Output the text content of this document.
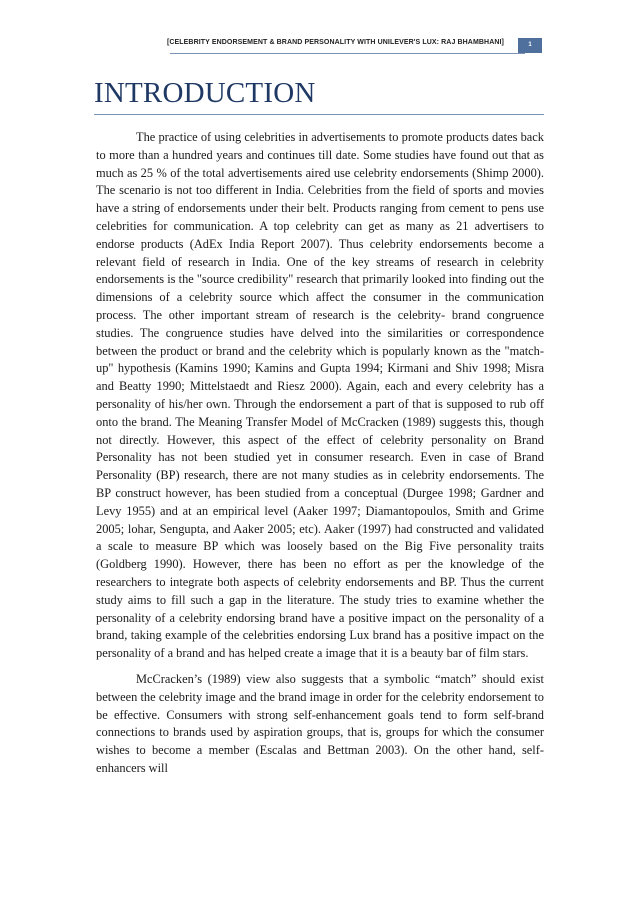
[CELEBRITY ENDORSEMENT & BRAND PERSONALITY WITH UNILEVER'S LUX: RAJ BHAMBHANI]	1
INTRODUCTION

The practice of using celebrities in advertisements to promote products dates back to more than a hundred years and continues till date. Some studies have found out that as much as 25 % of the total advertisements aired use celebrity endorsements (Shimp 2000). The scenario is not too different in India. Celebrities from the field of sports and movies have a string of endorsements under their belt. Products ranging from cement to pens use celebrities for communication. A top celebrity can get as many as 21 advertisers to endorse products (AdEx India Report 2007). Thus celebrity endorsements become a relevant field of research in India. One of the key streams of research in celebrity endorsements is the "source credibility" research that primarily looked into finding out the dimensions of a celebrity source which affect the consumer in the communication process. The other important stream of research is the celebrity- brand congruence studies. The congruence studies have delved into the similarities or correspondence between the product or brand and the celebrity which is popularly known as the "match-up" hypothesis (Kamins 1990; Kamins and Gupta 1994; Kirmani and Shiv 1998; Misra and Beatty 1990; Mittelstaedt and Riesz 2000). Again, each and every celebrity has a personality of his/her own. Through the endorsement a part of that is supposed to rub off onto the brand. The Meaning Transfer Model of McCracken (1989) suggests this, though not directly. However, this aspect of the effect of celebrity personality on Brand Personality has not been studied yet in consumer research. Even in case of Brand Personality (BP) research, there are not many studies as in celebrity endorsements. The BP construct however, has been studied from a conceptual (Durgee 1998; Gardner and Levy 1955) and at an empirical level (Aaker 1997; Diamantopoulos, Smith and Grime 2005; lohar, Sengupta, and Aaker 2005; etc). Aaker (1997) had constructed and validated a scale to measure BP which was loosely based on the Big Five personality traits (Goldberg 1990). However, there has been no effort as per the knowledge of the researchers to integrate both aspects of celebrity endorsements and BP. Thus the current study aims to fill such a gap in the literature. The study tries to examine whether the personality of a celebrity endorsing brand have a positive impact on the personality of a brand, taking example of the celebrities endorsing Lux brand has a positive impact on the personality of a brand and has helped create a image that it is a beauty bar of film stars.

McCracken’s (1989) view also suggests that a symbolic “match” should exist between the celebrity image and the brand image in order for the celebrity endorsement to be effective. Consumers with strong self-enhancement goals tend to form self-brand connections to brands used by aspiration groups, that is, groups for which the consumer wishes to become a member (Escalas and Bettman 2003). On the other hand, self-enhancers will
